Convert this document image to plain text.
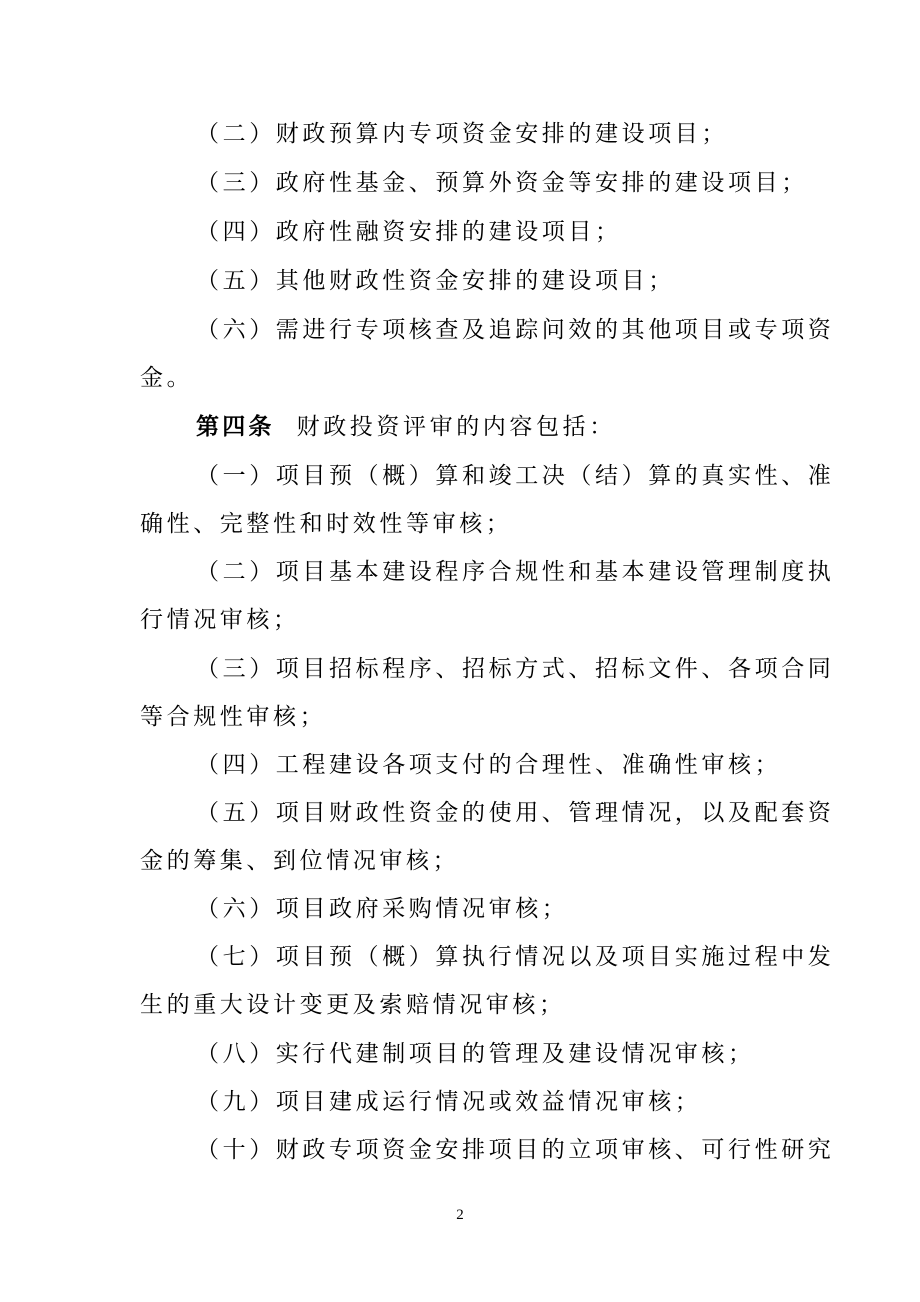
（二）财政预算内专项资金安排的建设项目；
（三）政府性基金、预算外资金等安排的建设项目；
（四）政府性融资安排的建设项目；
（五）其他财政性资金安排的建设项目；
（六）需进行专项核查及追踪问效的其他项目或专项资
金。
第四条 财政投资评审的内容包括：
（一）项目预（概）算和竣工决（结）算的真实性、准
确性、完整性和时效性等审核；
（二）项目基本建设程序合规性和基本建设管理制度执
行情况审核；
（三）项目招标程序、招标方式、招标文件、各项合同
等合规性审核；
（四）工程建设各项支付的合理性、准确性审核；
（五）项目财政性资金的使用、管理情况，以及配套资
金的筹集、到位情况审核；
（六）项目政府采购情况审核；
（七）项目预（概）算执行情况以及项目实施过程中发
生的重大设计变更及索赔情况审核；
（八）实行代建制项目的管理及建设情况审核；
（九）项目建成运行情况或效益情况审核；
（十）财政专项资金安排项目的立项审核、可行性研究
2
